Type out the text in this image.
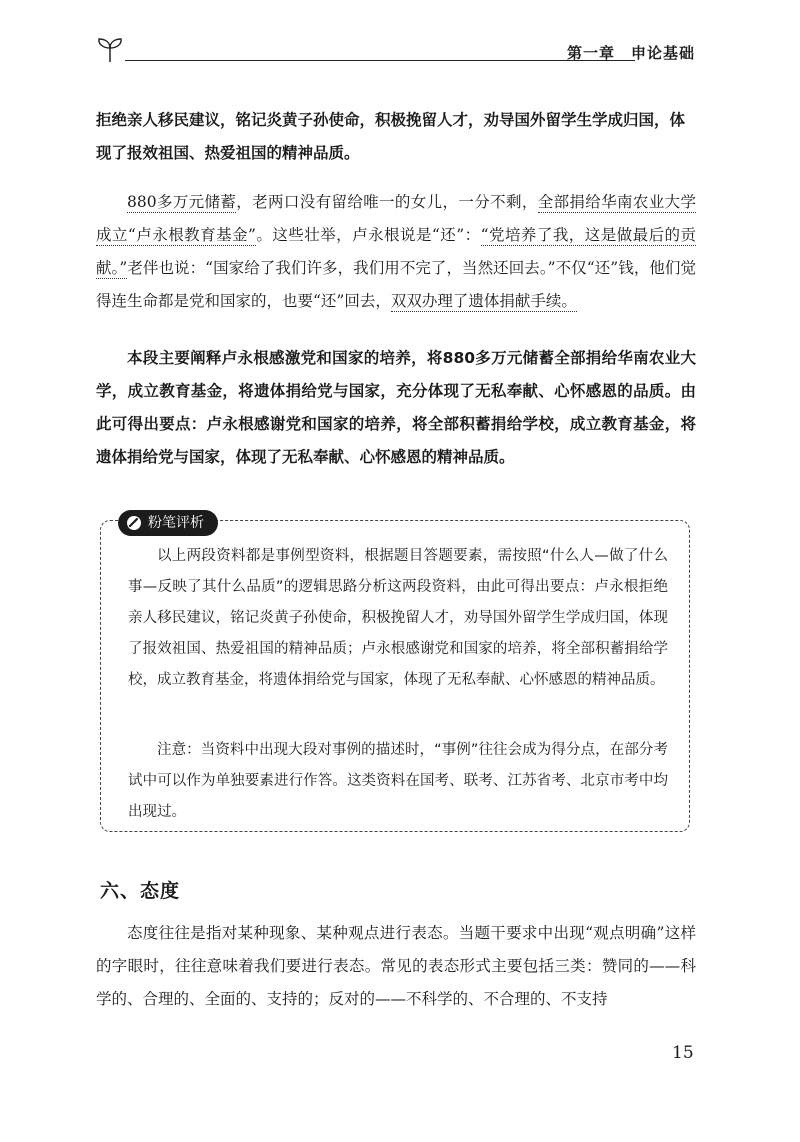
第一章　申论基础

拒绝亲人移民建议，铭记炎黄子孙使命，积极挽留人才，劝导国外留学生学成归国，体
现了报效祖国、热爱祖国的精神品质。

880多万元储蓄，老两口没有留给唯一的女儿，一分不剩，全部捐给华南农业大学成立“卢永根教育基金”。这些壮举，卢永根说是“还”：“党培养了我，这是做最后的贡献。”老伴也说：“国家给了我们许多，我们用不完了，当然还回去。”不仅“还”钱，他们觉得连生命都是党和国家的，也要“还”回去，双双办理了遗体捐献手续。

本段主要阐释卢永根感激党和国家的培养，将880多万元储蓄全部捐给华南农业大学，成立教育基金，将遗体捐给党与国家，充分体现了无私奉献、心怀感恩的品质。由此可得出要点：卢永根感谢党和国家的培养，将全部积蓄捐给学校，成立教育基金，将遗体捐给党与国家，体现了无私奉献、心怀感恩的精神品质。

粉笔评析

以上两段资料都是事例型资料，根据题目答题要素，需按照“什么人—做了什么事—反映了其什么品质”的逻辑思路分析这两段资料，由此可得出要点：卢永根拒绝亲人移民建议，铭记炎黄子孙使命，积极挽留人才，劝导国外留学生学成归国，体现了报效祖国、热爱祖国的精神品质；卢永根感谢党和国家的培养，将全部积蓄捐给学校，成立教育基金，将遗体捐给党与国家，体现了无私奉献、心怀感恩的精神品质。

注意：当资料中出现大段对事例的描述时，“事例”往往会成为得分点，在部分考试中可以作为单独要素进行作答。这类资料在国考、联考、江苏省考、北京市考中均出现过。

六、态度

态度往往是指对某种现象、某种观点进行表态。当题干要求中出现“观点明确”这样的字眼时，往往意味着我们要进行表态。常见的表态形式主要包括三类：赞同的——科学的、合理的、全面的、支持的；反对的——不科学的、不合理的、不支持

15
